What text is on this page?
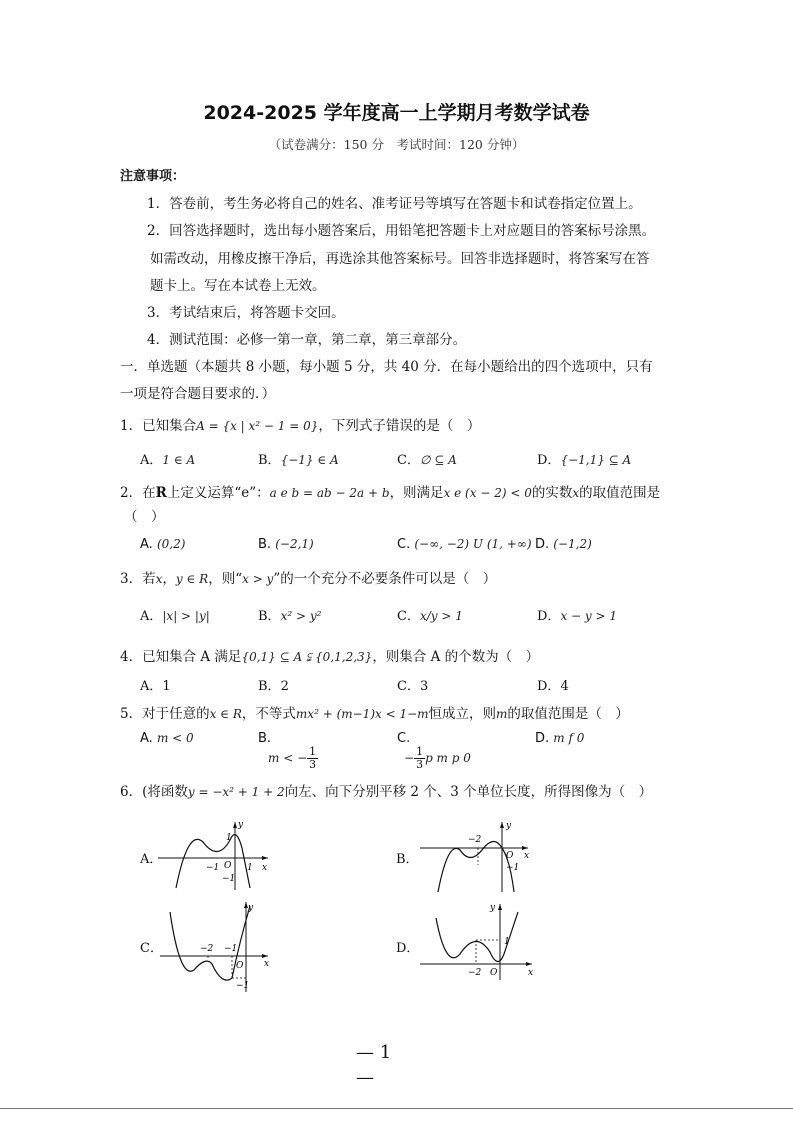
2024-2025 学年度高一上学期月考数学试卷
（试卷满分：150 分　考试时间：120 分钟）
注意事项：
1．答卷前，考生务必将自己的姓名、准考证号等填写在答题卡和试卷指定位置上。
2．回答选择题时，选出每小题答案后，用铅笔把答题卡上对应题目的答案标号涂黑。
如需改动，用橡皮擦干净后，再选涂其他答案标号。回答非选择题时，将答案写在答
题卡上。写在本试卷上无效。
3．考试结束后，将答题卡交回。
4．测试范围：必修一第一章，第二章，第三章部分。
一．单选题（本题共 8 小题，每小题 5 分，共 40 分．在每小题给出的四个选项中，只有
一项是符合题目要求的．）
1．已知集合A = {x | x² − 1 = 0}，下列式子错误的是（　）
A．1 ∈ A	B．{−1} ∈ A	C．∅ ⊆ A	D．{−1,1} ⊆ A
2．在R上定义运算“e”：a e b = ab − 2a + b，则满足x e (x − 2) < 0的实数x的取值范围是
（　）
A. (0,2)	B. (−2,1)	C. (−∞, −2) U (1, +∞) D. (−1,2)
3．若x，y ∈ R，则“x > y”的一个充分不必要条件可以是（　）
A．|x| > |y|	B．x² > y²	C．x/y > 1	D．x − y > 1
4．已知集合 A 满足{0,1} ⊆ A ⫋ {0,1,2,3}，则集合 A 的个数为（　）
A．1	B．2	C．3	D．4
5．对于任意的x ∈ R，不等式mx² + (m−1)x < 1−m恒成立，则m的取值范围是（　）
A. m < 0	B.
m < − $\frac{1}{3}$
C.
− $\frac{1}{3}$ p m p 0
D. m f 0
6．(将函数y = −x² + 1 + 2向左、向下分别平移 2 个、3 个单位长度，所得图像为（　）
A．
y
1
−1 O 1 x
−1
B．
y
−2
O x
−1
C．
y
−2 −1
O x
−1
D．
y
1
−2 O	x
— 1
—
